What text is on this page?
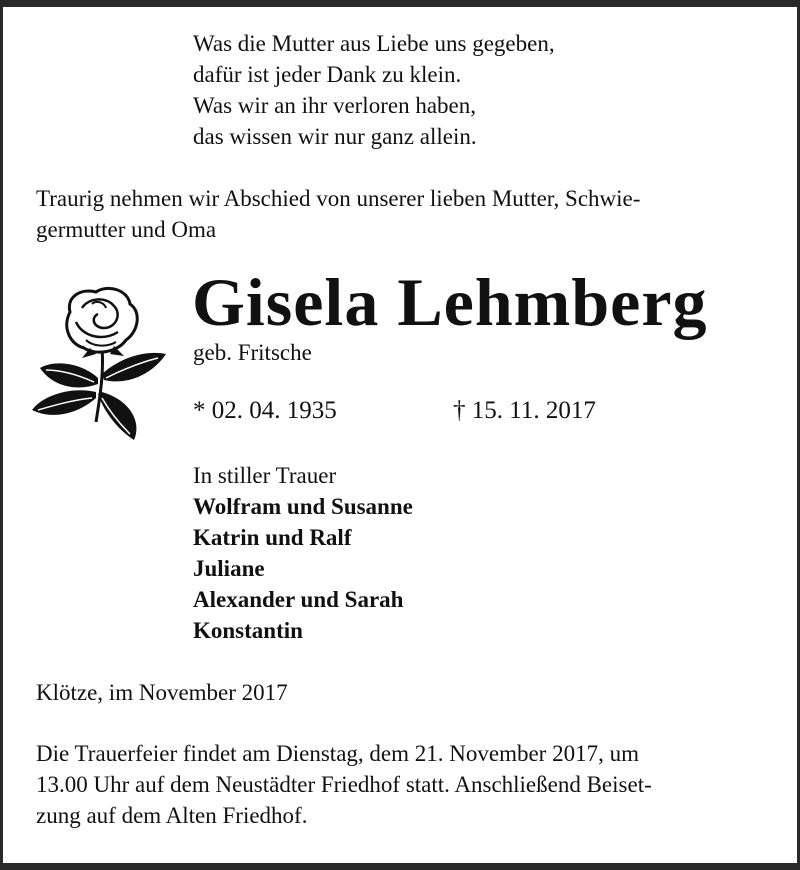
Was die Mutter aus Liebe uns gegeben,
dafür ist jeder Dank zu klein.
Was wir an ihr verloren haben,
das wissen wir nur ganz allein.
Traurig nehmen wir Abschied von unserer lieben Mutter, Schwie-
germutter und Oma
Gisela Lehmberg
geb. Fritsche
* 02. 04. 1935	† 15. 11. 2017
In stiller Trauer
Wolfram und Susanne
Katrin und Ralf
Juliane
Alexander und Sarah
Konstantin
Klötze, im November 2017
Die Trauerfeier findet am Dienstag, dem 21. November 2017, um
13.00 Uhr auf dem Neustädter Friedhof statt. Anschließend Beiset-
zung auf dem Alten Friedhof.
